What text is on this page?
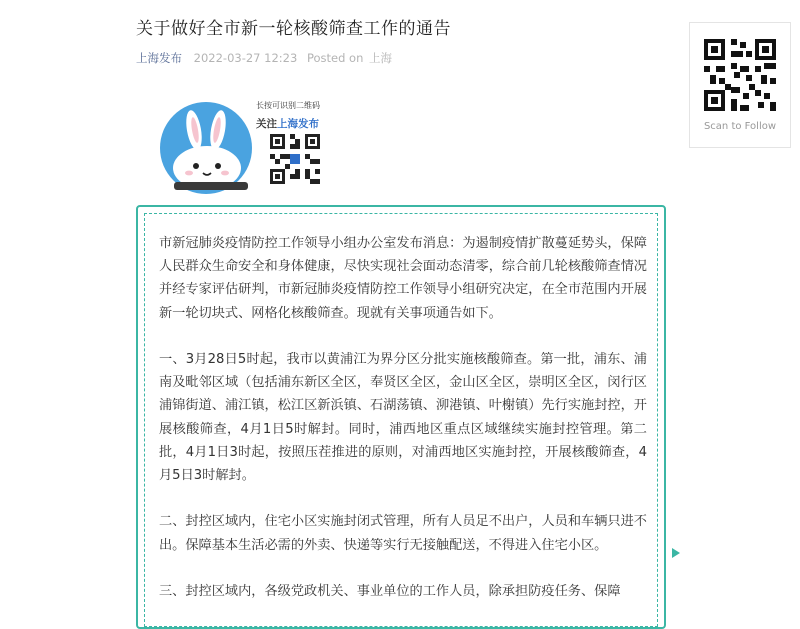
关于做好全市新一轮核酸筛查工作的通告
上海发布 2022-03-27 12:23 Posted on 上海
长按可识别二维码
关注上海发布	Scan to Follow

市新冠肺炎疫情防控工作领导小组办公室发布消息：为遏制疫情扩散蔓延势头，保障人民群众生命安全和身体健康，尽快实现社会面动态清零，综合前几轮核酸筛查情况并经专家评估研判，市新冠肺炎疫情防控工作领导小组研究决定，在全市范围内开展新一轮切块式、网格化核酸筛查。现就有关事项通告如下。

一、3月28日5时起，我市以黄浦江为界分区分批实施核酸筛查。第一批，浦东、浦南及毗邻区域（包括浦东新区全区，奉贤区全区，金山区全区，崇明区全区，闵行区浦锦街道、浦江镇，松江区新浜镇、石湖荡镇、泖港镇、叶榭镇）先行实施封控，开展核酸筛查，4月1日5时解封。同时，浦西地区重点区域继续实施封控管理。第二批，4月1日3时起，按照压茬推进的原则，对浦西地区实施封控，开展核酸筛查，4月5日3时解封。

二、封控区域内，住宅小区实施封闭式管理，所有人员足不出户，人员和车辆只进不出。保障基本生活必需的外卖、快递等实行无接触配送，不得进入住宅小区。

三、封控区域内，各级党政机关、事业单位的工作人员，除承担防疫任务、保障
